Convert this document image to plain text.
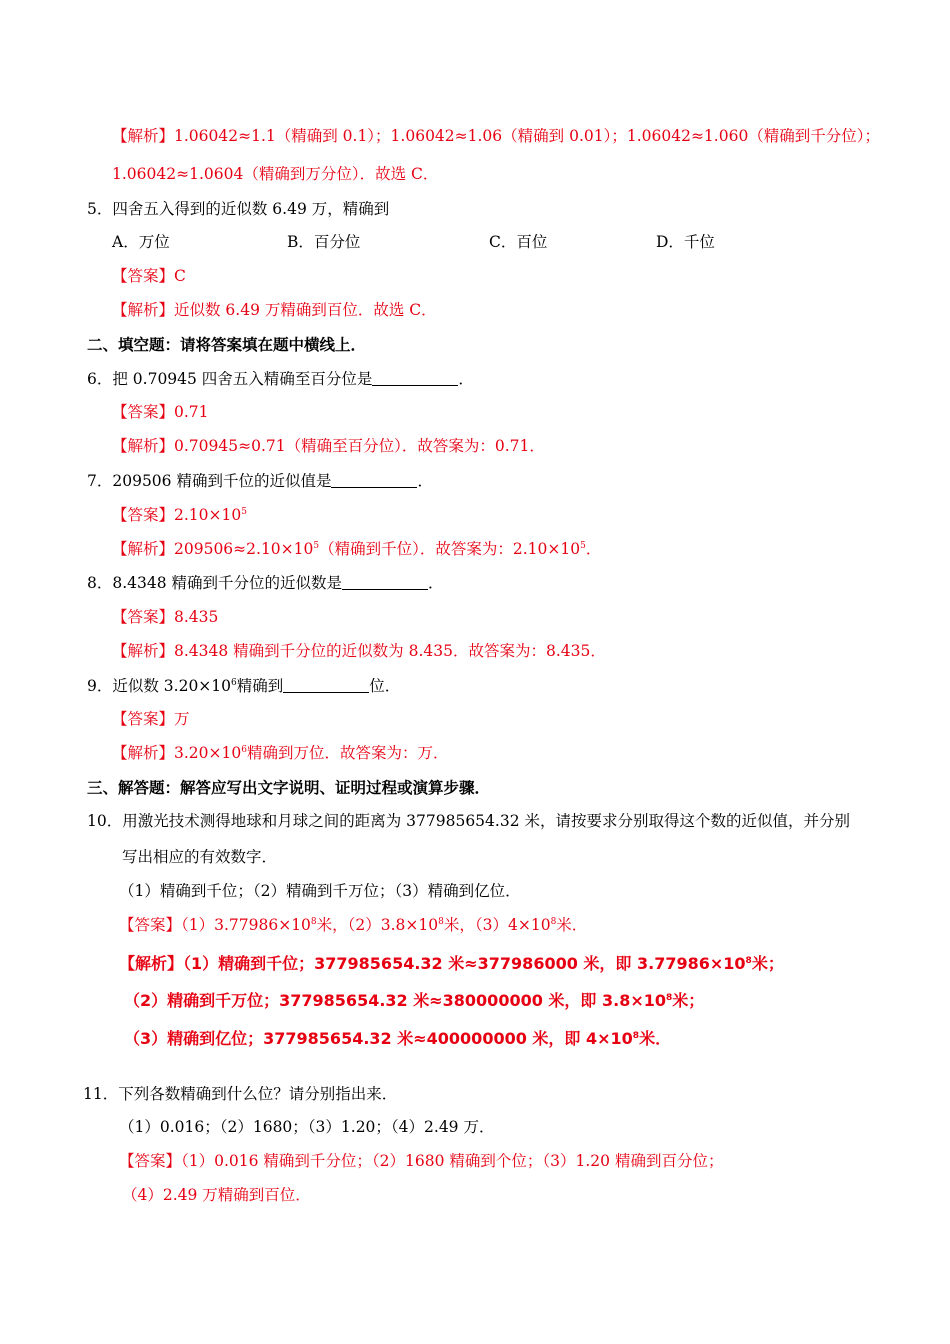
【解析】1.06042≈1.1（精确到 0.1）；1.06042≈1.06（精确到 0.01）；1.06042≈1.060（精确到千分位）；
1.06042≈1.0604（精确到万分位）．故选 C．
5．四舍五入得到的近似数 6.49 万，精确到
A．万位	B．百分位	C．百位	D．千位
【答案】C
【解析】近似数 6.49 万精确到百位．故选 C．
二、填空题：请将答案填在题中横线上．
6．把 0.70945 四舍五入精确至百分位是	．
【答案】0.71
【解析】0.70945≈0.71（精确至百分位）．故答案为：0.71．
7．209506 精确到千位的近似值是	．
【答案】$2.10\times 10^5$
【解析】$209506\approx 2.10\times 10^5$（精确到千位）．故答案为：$2.10\times 10^5$．
8．8.4348 精确到千分位的近似数是	．
【答案】8.435
【解析】8.4348 精确到千分位的近似数为 8.435．故答案为：8.435．
9．近似数 $3.20\times 10^6$精确到	位．
【答案】万
【解析】$3.20\times 10^6$精确到万位．故答案为：万．
三、解答题：解答应写出文字说明、证明过程或演算步骤．
10．用激光技术测得地球和月球之间的距离为 377985654.32 米，请按要求分别取得这个数的近似值，并分别
写出相应的有效数字．
（1）精确到千位；（2）精确到千万位；（3）精确到亿位．
【答案】$(1)3.77986\times 10^8$米，$(2)3.8\times 10^8$米，$(3)4\times 10^8$米．
【解析】（1）精确到千位；377985654.32 米≈377986000 米，即 $3.77986\times 10^8$米；
（2）精确到千万位；377985654.32 米≈380000000 米，即 $3.8\times 10^8$米；
（3）精确到亿位；377985654.32 米≈400000000 米，即 $4\times 10^8$米．
11．下列各数精确到什么位？请分别指出来．
（1）0.016；（2）1680；（3）1.20；（4）2.49 万．
【答案】（1）0.016 精确到千分位；（2）1680 精确到个位；（3）1.20 精确到百分位；
（4）2.49 万精确到百位．
